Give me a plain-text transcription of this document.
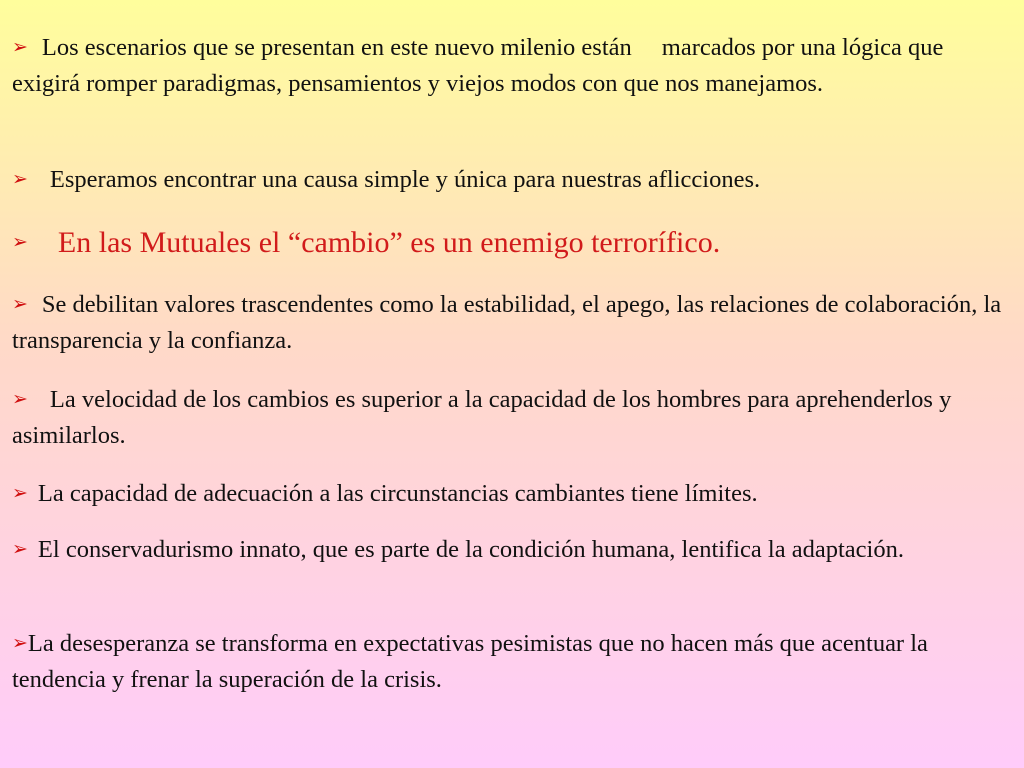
➢ Los escenarios que se presentan en este nuevo milenio están marcados por una lógica que exigirá romper paradigmas, pensamientos y viejos modos con que nos manejamos.

➢ Esperamos encontrar una causa simple y única para nuestras aflicciones.

➢ En las Mutuales el “cambio” es un enemigo terrorífico.

➢ Se debilitan valores trascendentes como la estabilidad, el apego, las relaciones de colaboración, la transparencia y la confianza.

➢ La velocidad de los cambios es superior a la capacidad de los hombres para aprehenderlos y asimilarlos.

➢ La capacidad de adecuación a las circunstancias cambiantes tiene límites.

➢ El conservadurismo innato, que es parte de la condición humana, lentifica la adaptación.

➢La desesperanza se transforma en expectativas pesimistas que no hacen más que acentuar la tendencia y frenar la superación de la crisis.
